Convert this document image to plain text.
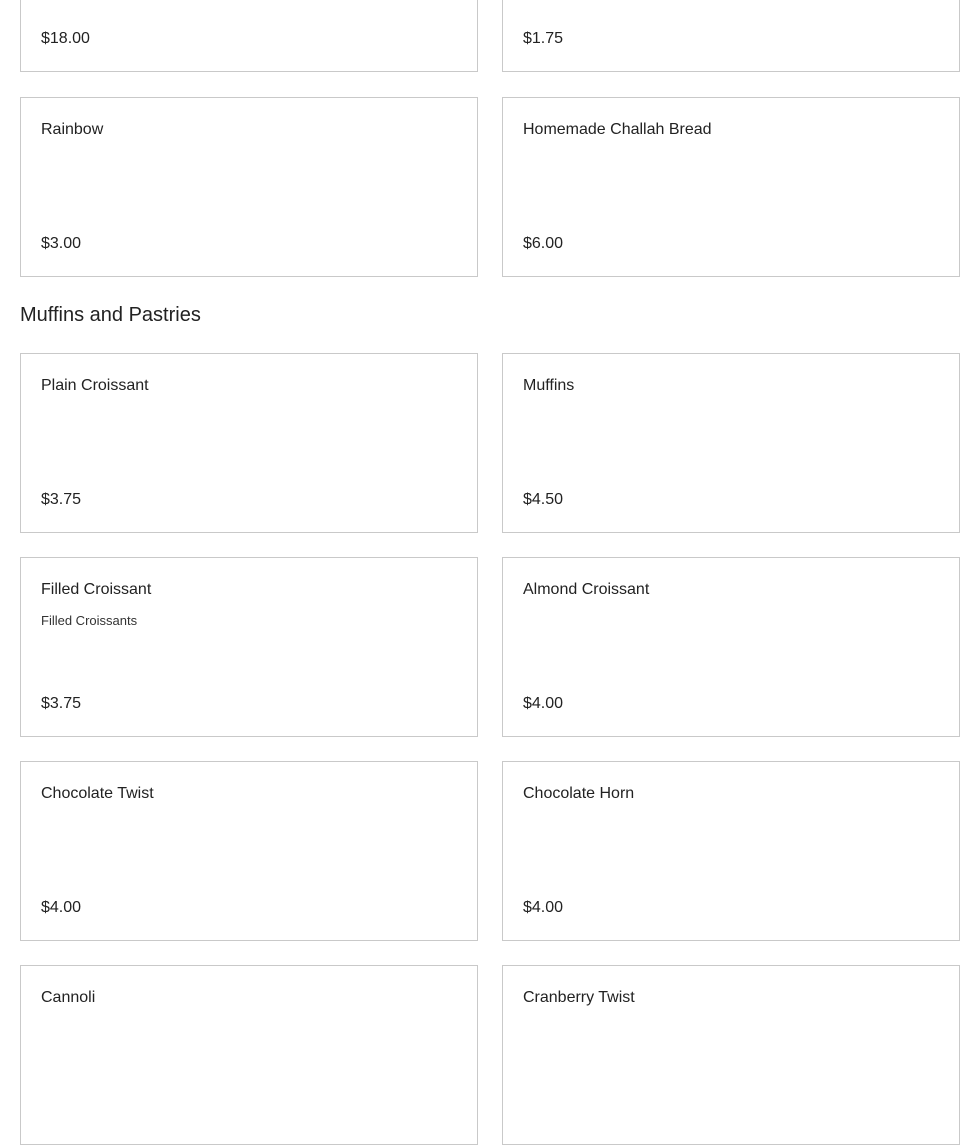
$18.00	$1.75
Rainbow
$3.00
Homemade Challah Bread
$6.00
Muffins and Pastries
Plain Croissant
$3.75
Muffins
$4.50
Filled Croissant
Filled Croissants
$3.75
Almond Croissant
$4.00
Chocolate Twist
$4.00
Chocolate Horn
$4.00
Cannoli	Cranberry Twist
